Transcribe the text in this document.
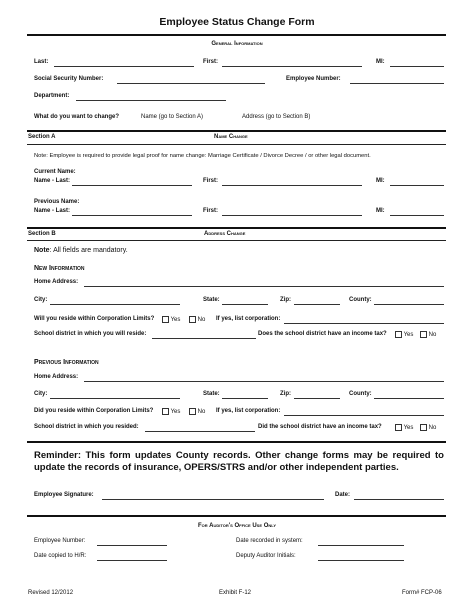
Employee Status Change Form
General Information
Last:	First:	MI:
Social Security Number:	Employee Number:
Department:
What do you want to change?	Name (go to Section A)	Address (go to Section B)
Section A	Name Change
Note: Employee is required to provide legal proof for name change: Marriage Certificate / Divorce Decree / or other legal document.
Current Name:
Name - Last:	First:	MI:
Previous Name:
Name - Last:	First:	MI:
Section B	Address Change
Note: All fields are mandatory.
New Information
Home Address:
City:	State:	Zip:	County:
Will you reside within Corporation Limits?	Yes	No If yes, list corporation:
School district in which you will reside:	Does the school district have an income tax?	Yes	No
Previous Information
Home Address:
City:	State:	Zip:	County:
Did you reside within Corporation Limits?	Yes	No If yes, list corporation:
School district in which you resided:	Did the school district have an income tax?	Yes	No
Reminder: This form updates County records. Other change forms may be required to update the records of insurance, OPERS/STRS and/or other independent parties.
Employee Signature:	Date:
For Auditor's Office Use Only
Employee Number:	Date recorded in system:
Date copied to H/R:	Deputy Auditor Initials:
Revised 12/2012	Exhibit F-12	Form# FCP-06
